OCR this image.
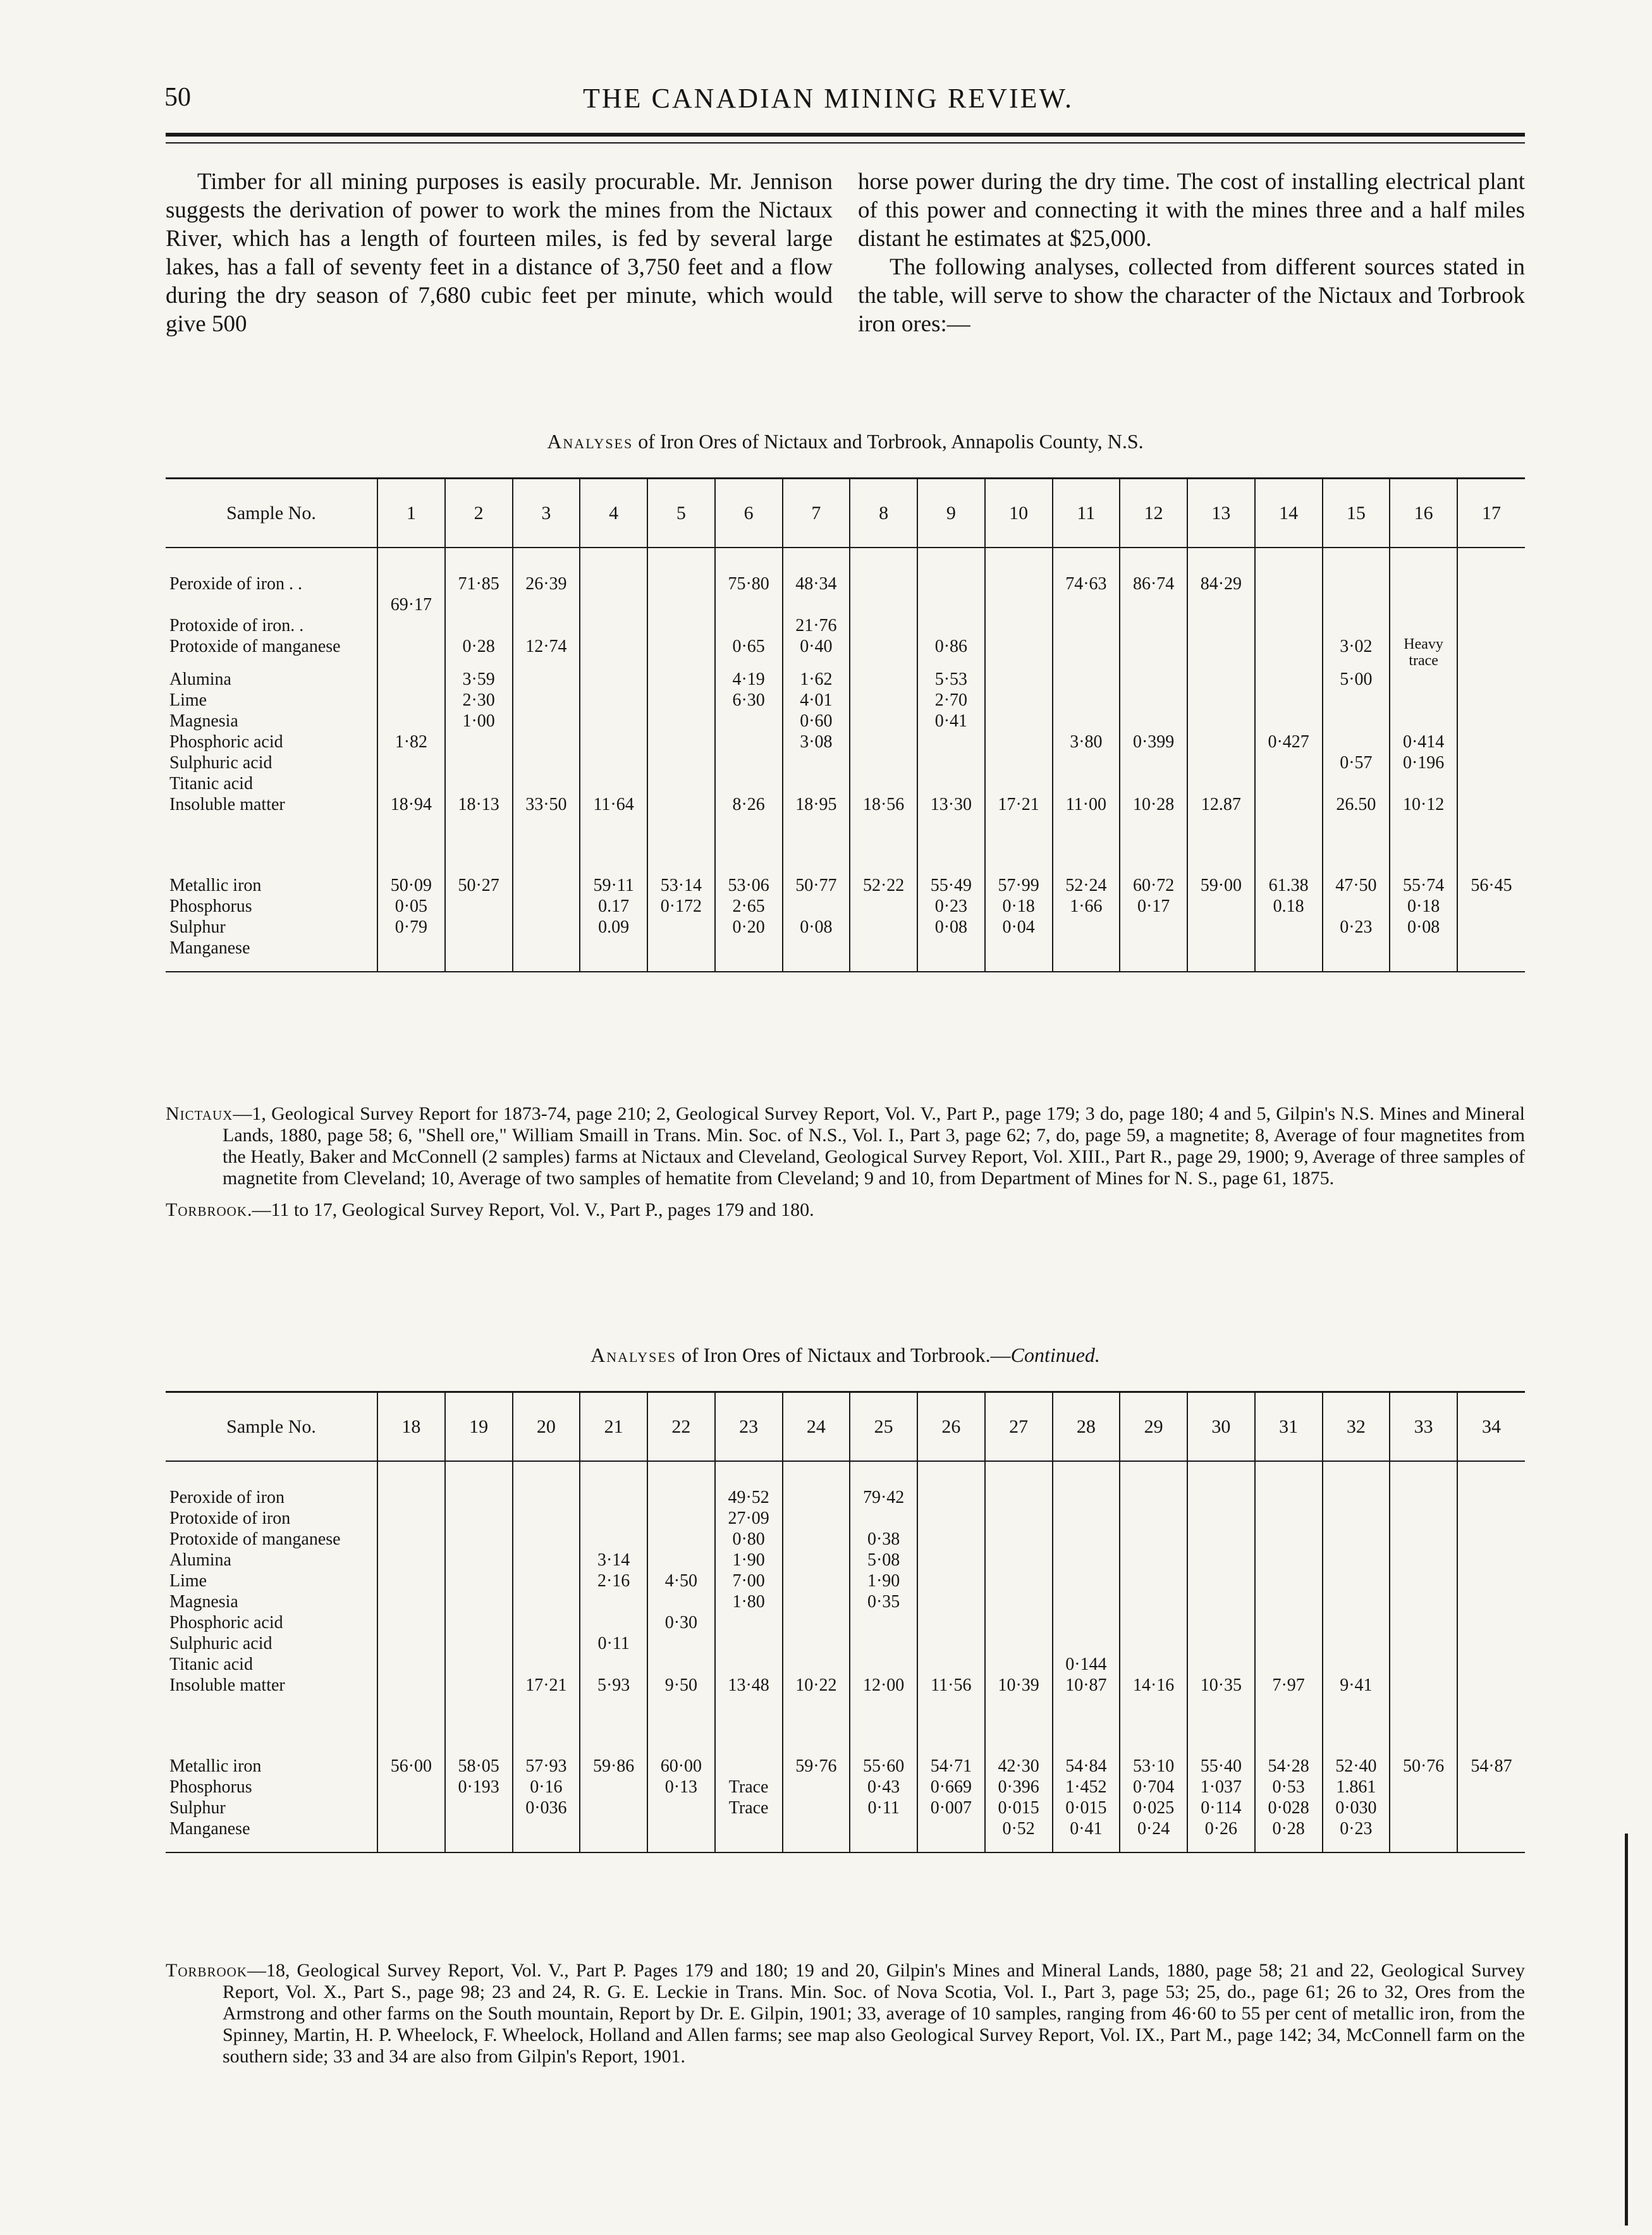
50	THE CANADIAN MINING REVIEW.

Timber for all mining purposes is easily procurable. Mr. Jennison suggests the derivation of power to work the mines from the Nictaux River, which has a length of fourteen miles, is fed by several large lakes, has a fall of seventy feet in a distance of 3,750 feet and a flow during the dry season of 7,680 cubic feet per minute, which would give 500

horse power during the dry time. The cost of installing electrical plant of this power and connecting it with the mines three and a half miles distant he estimates at $25,000.

The following analyses, collected from different sources stated in the table, will serve to show the character of the Nictaux and Torbrook iron ores:—

Analyses of Iron Ores of Nictaux and Torbrook, Annapolis County, N.S.
Sample No.	1	2	3	4	5	6	7	8	9	10	11	12	13	14	15	16	17

Peroxide of iron . .		71·85	26·39			75·80	48·34				74·63	86·74	84·29				
	69·17																
Protoxide of iron. .							21·76										
Protoxide of manganese		0·28	12·74			0·65	0·40		0·86						3·02	Heavy trace	
Alumina		3·59				4·19	1·62		5·53						5·00		
Lime		2·30				6·30	4·01		2·70								
Magnesia		1·00					0·60		0·41								
Phosphoric acid	1·82						3·08				3·80	0·399		0·427		0·414	
Sulphuric acid															0·57	0·196	
Titanic acid																	
Insoluble matter	18·94	18·13	33·50	11·64		8·26	18·95	18·56	13·30	17·21	11·00	10·28	12.87		26.50	10·12	

Metallic iron	50·09	50·27		59·11	53·14	53·06	50·77	52·22	55·49	57·99	52·24	60·72	59·00	61.38	47·50	55·74	56·45
Phosphorus	0·05			0.17	0·172	2·65			0·23	0·18	1·66	0·17		0.18		0·18	
Sulphur	0·79			0.09		0·20	0·08		0·08	0·04					0·23	0·08	
Manganese																	

Nictaux—1, Geological Survey Report for 1873-74, page 210; 2, Geological Survey Report, Vol. V., Part P., page 179; 3 do, page 180; 4 and 5, Gilpin's N.S. Mines and Mineral Lands, 1880, page 58; 6, "Shell ore," William Smaill in Trans. Min. Soc. of N.S., Vol. I., Part 3, page 62; 7, do, page 59, a magnetite; 8, Average of four magnetites from the Heatly, Baker and McConnell (2 samples) farms at Nictaux and Cleveland, Geological Survey Report, Vol. XIII., Part R., page 29, 1900; 9, Average of three samples of magnetite from Cleveland; 10, Average of two samples of hematite from Cleveland; 9 and 10, from Department of Mines for N. S., page 61, 1875.

Torbrook.—11 to 17, Geological Survey Report, Vol. V., Part P., pages 179 and 180.

Analyses of Iron Ores of Nictaux and Torbrook.—Continued.
Sample No.	18	19	20	21	22	23	24	25	26	27	28	29	30	31	32	33	34

Peroxide of iron						49·52		79·42									
Protoxide of iron						27·09											
Protoxide of manganese						0·80		0·38									
Alumina				3·14		1·90		5·08									
Lime				2·16	4·50	7·00		1·90									
Magnesia						1·80		0·35									
Phosphoric acid					0·30												
Sulphuric acid				0·11													
Titanic acid											0·144						
Insoluble matter			17·21	5·93	9·50	13·48	10·22	12·00	11·56	10·39	10·87	14·16	10·35	7·97	9·41		

Metallic iron	56·00	58·05	57·93	59·86	60·00		59·76	55·60	54·71	42·30	54·84	53·10	55·40	54·28	52·40	50·76	54·87
Phosphorus		0·193	0·16		0·13	Trace		0·43	0·669	0·396	1·452	0·704	1·037	0·53	1.861		
Sulphur			0·036			Trace		0·11	0·007	0·015	0·015	0·025	0·114	0·028	0·030		
Manganese										0·52	0·41	0·24	0·26	0·28	0·23		

Torbrook—18, Geological Survey Report, Vol. V., Part P. Pages 179 and 180; 19 and 20, Gilpin's Mines and Mineral Lands, 1880, page 58; 21 and 22, Geological Survey Report, Vol. X., Part S., page 98; 23 and 24, R. G. E. Leckie in Trans. Min. Soc. of Nova Scotia, Vol. I., Part 3, page 53; 25, do., page 61; 26 to 32, Ores from the Armstrong and other farms on the South mountain, Report by Dr. E. Gilpin, 1901; 33, average of 10 samples, ranging from 46·60 to 55 per cent of metallic iron, from the Spinney, Martin, H. P. Wheelock, F. Wheelock, Holland and Allen farms; see map also Geological Survey Report, Vol. IX., Part M., page 142; 34, McConnell farm on the southern side; 33 and 34 are also from Gilpin's Report, 1901.
